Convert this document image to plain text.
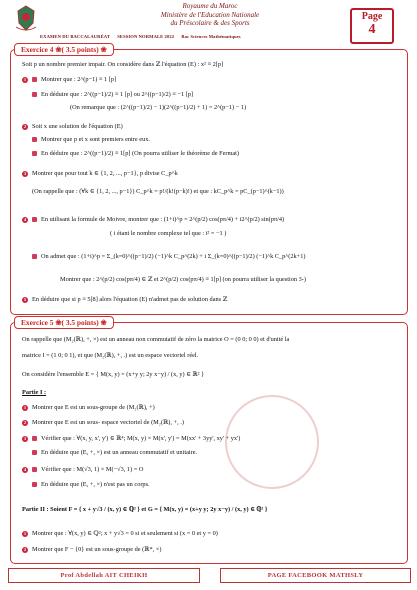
Royaume du Maroc
Ministère de l'Education Nationale
du Préscolaire & des Sports
EXAMEN DU BACCALAURÉAT SESSION NORMALE 2022 Bac Sciences Mathématiques
Page
4
Exercice 4 ❀( 3.5 points) ❀
Soit p un nombre premier impair. On considère dans ℤ l'équation (E) : x² ≡ 2[p]
1 Montrer que : 2^(p−1) ≡ 1 [p]
En déduire que : 2^((p−1)/2) ≡ 1 [p] ou 2^((p−1)/2) ≡ −1 [p]
(On remarque que : (2^((p−1)/2) − 1)(2^((p−1)/2) + 1) = 2^(p−1) − 1)
2 Soit x une solution de l'équation (E)
Montrer que p et x sont premiers entre eux.
En déduire que : 2^((p−1)/2) ≡ 1[p] (On pourra utiliser le théorème de Fermat)
3 Montrer que pour tout k ∈ {1, 2, ..., p−1}, p divise C_p^k
(On rappelle que : (∀k ∈ {1, 2, ..., p−1}) C_p^k = p!/(k!(p−k)!) et que : kC_p^k = pC_(p−1)^(k−1))
4 En utilisant la formule de Moivre, montrer que : (1+i)^p = 2^(p/2) cos(pπ/4) + i2^(p/2) sin(pπ/4)
( i étant le nombre complexe tel que : i² = −1 )
On admet que : (1+i)^p = Σ_(k=0)^((p−1)/2) (−1)^k C_p^(2k) + i Σ_(k=0)^((p−1)/2) (−1)^k C_p^(2k+1)
Montrer que : 2^(p/2) cos(pπ/4) ∈ ℤ et 2^(p/2) cos(pπ/4) ≡ 1[p] (on pourra utiliser la question 3-)
5 En déduire que si p ≡ 5[8] alors l'équation (E) n'admet pas de solution dans ℤ
Exercice 5 ❀( 3.5 points) ❀
On rappelle que (M₂(ℝ), +, ×) est un anneau non commutatif de zéro la matrice O = (0 0; 0 0) et d'unité la
matrice I = (1 0; 0 1), et que (M₂(ℝ), +, .) est un espace vectoriel réel.
On considère l'ensemble E = { M(x, y) = (x+y y; 2y x−y) / (x, y) ∈ ℝ² }
Partie I :
1 Montrer que E est un sous-groupe de (M₂(ℝ), +)
2 Montrer que E est un sous- espace vectoriel de (M₂(ℝ), +, .)
3 Vérifier que : ∀(x, y, x', y') ∈ ℝ⁴; M(x, y) × M(x', y') = M(xx' + 3yy', xy' + yx')
En déduire que (E, +, ×) est un anneau commutatif et unitaire.
4 Vérifier que : M(√3, 1) × M(−√3, 1) = O
En déduire que (E, +, ×) n'est pas un corps.
Partie II : Soient F = { x + y√3 / (x, y) ∈ ℚ² } et G = { M(x, y) = (x+y y; 2y x−y) / (x, y) ∈ ℚ² }
1 Montrer que : ∀(x, y) ∈ ℚ²; x + y√3 = 0 si et seulement si (x = 0 et y = 0)
2 Montrer que F − {0} est un sous-groupe de (ℝ*, ×)
Prof Abdellah AIT CHEIKH	PAGE FACEBOOK MATHSLY
